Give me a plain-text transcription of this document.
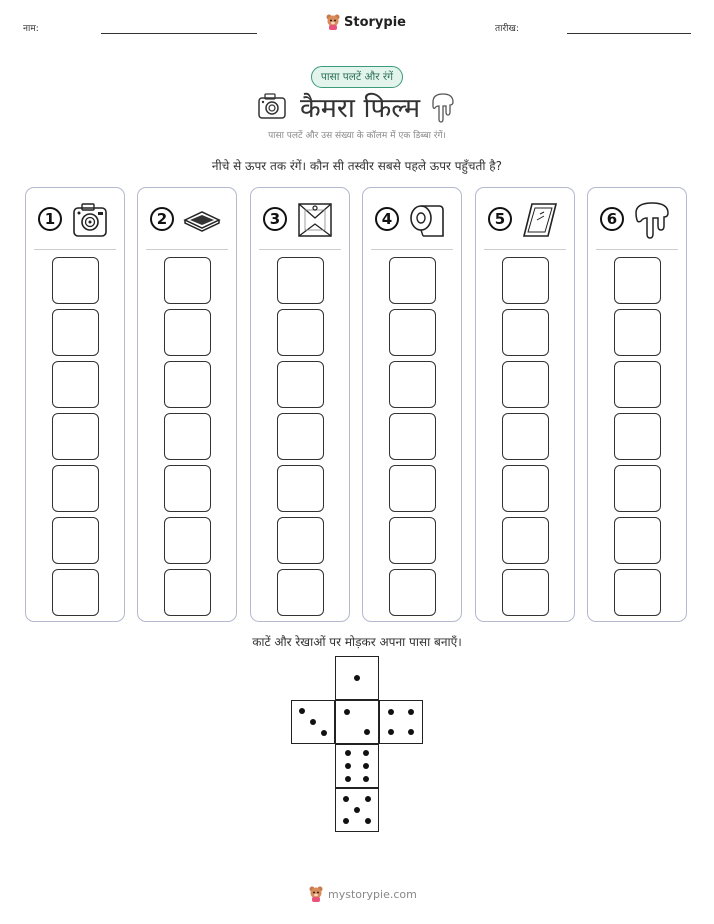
नाम:	Storypie	तारीख:
पासा पलटें और रंगें
कैमरा फिल्म
पासा पलटें और उस संख्या के कॉलम में एक डिब्बा रंगें।
नीचे से ऊपर तक रंगें। कौन सी तस्वीर सबसे पहले ऊपर पहुँचती है?
1	2	3	4	5	6
काटें और रेखाओं पर मोड़कर अपना पासा बनाएँ।
mystorypie.com
